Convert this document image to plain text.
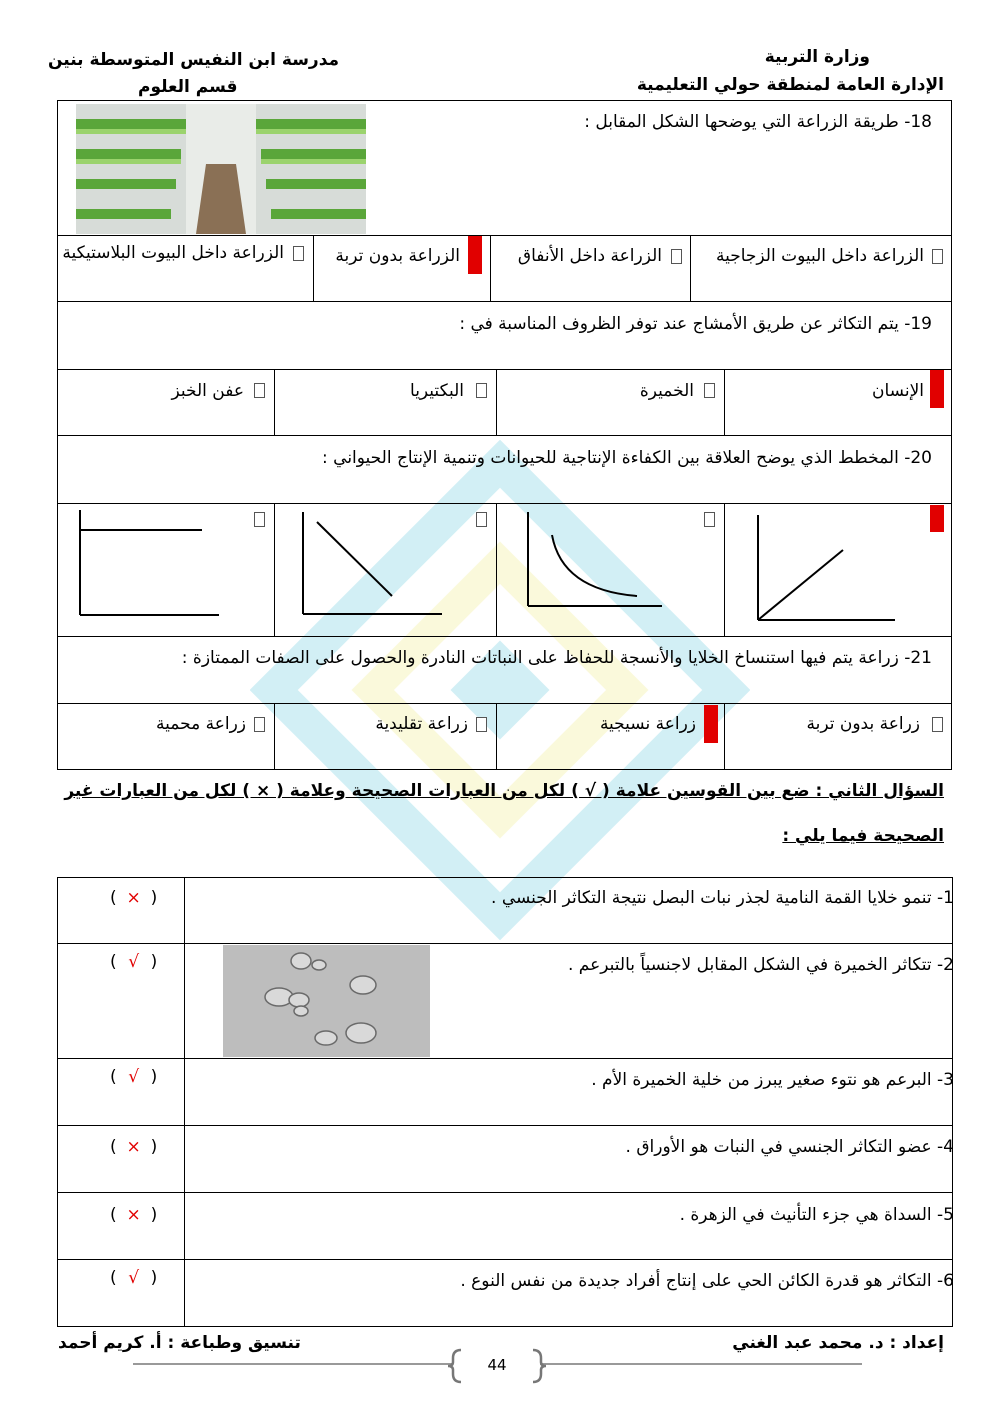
وزارة التربية
الإدارة العامة لمنطقة حولي التعليمية
مدرسة ابن النفيس المتوسطة بنين
قسم العلوم
18- طريقة الزراعة التي يوضحها الشكل المقابل :
الزراعة داخل البيوت الزجاجية
الزراعة داخل الأنفاق
الزراعة بدون تربة
الزراعة داخل البيوت البلاستيكية
19- يتم التكاثر عن طريق الأمشاج عند توفر الظروف المناسبة في :
الإنسان
الخميرة
البكتيريا
عفن الخبز
20- المخطط الذي يوضح العلاقة بين الكفاءة الإنتاجية للحيوانات وتنمية الإنتاج الحيواني :
21- زراعة يتم فيها استنساخ الخلايا والأنسجة للحفاظ على النباتات النادرة والحصول على الصفات الممتازة :
زراعة بدون تربة
زراعة نسيجية
زراعة تقليدية
زراعة محمية
السؤال الثاني : ضع بين القوسين علامة ( √ ) لكل من العبارات الصحيحة وعلامة ( × ) لكل من العبارات غير
الصحيحة فيما يلي :
1- تنمو خلايا القمة النامية لجذر نبات البصل نتيجة التكاثر الجنسي .
( × )
2- تتكاثر الخميرة في الشكل المقابل لاجنسياً بالتبرعم .
( √ )
3- البرعم هو نتوء صغير يبرز من خلية الخميرة الأم .
( √ )
4- عضو التكاثر الجنسي في النبات هو الأوراق .
( × )
5- السداة هي جزء التأنيث في الزهرة .
( × )
6- التكاثر هو قدرة الكائن الحي على إنتاج أفراد جديدة من نفس النوع .
( √ )
إعداد : د. محمد عبد الغني
تنسيق وطباعة : أ. كريم أحمد
44
